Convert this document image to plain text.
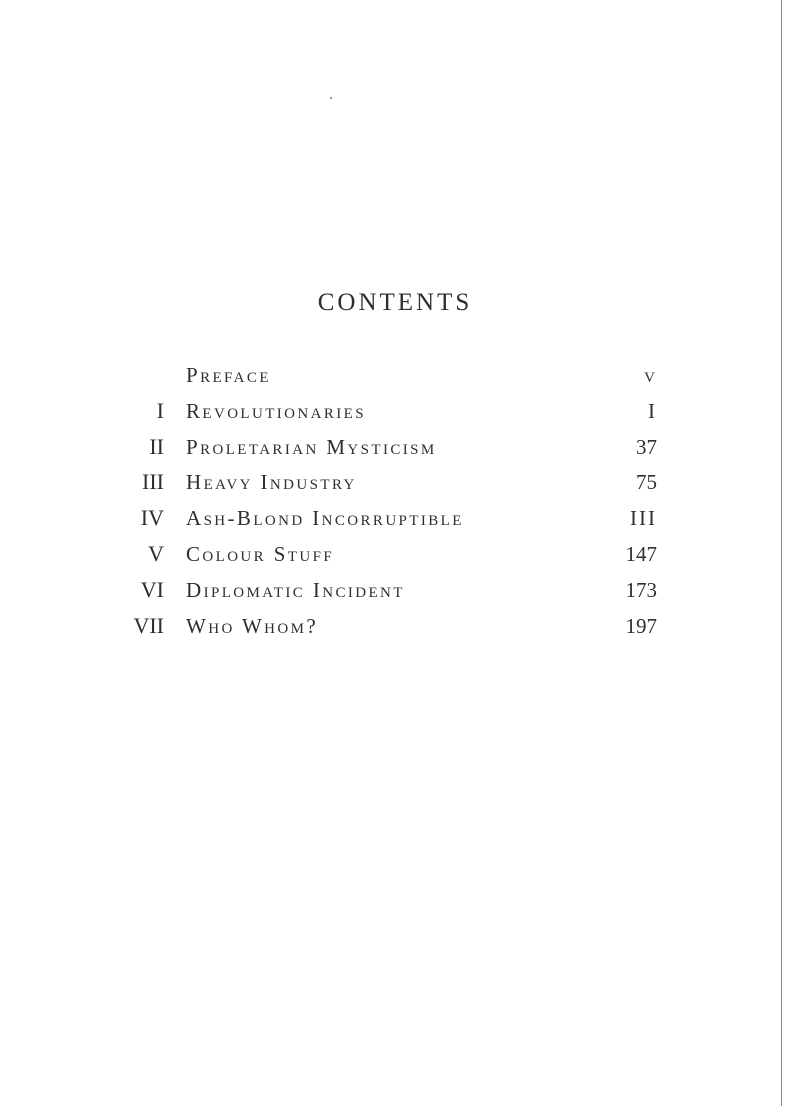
CONTENTS
Preface	v
I Revolutionaries	I
II Proletarian Mysticism	37
III Heavy Industry	75
IV Ash-Blond Incorruptible	III
V Colour Stuff	147
VI Diplomatic Incident	173
VII Who Whom?	197
